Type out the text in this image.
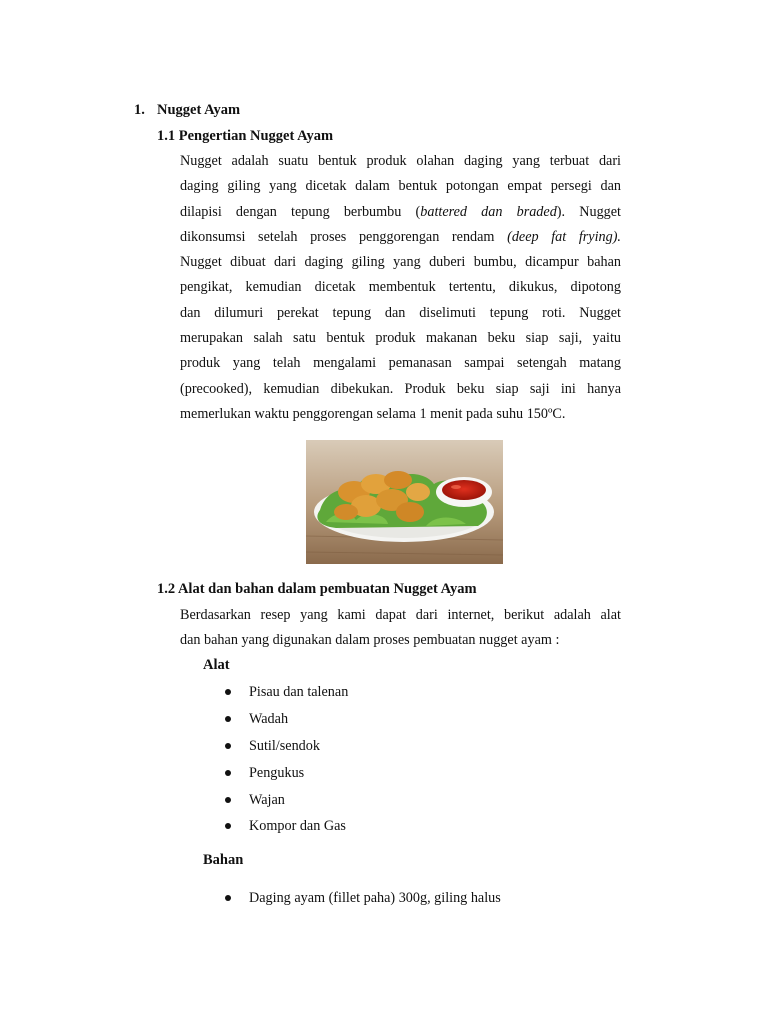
1. Nugget Ayam
1.1 Pengertian Nugget Ayam
Nugget adalah suatu bentuk produk olahan daging yang terbuat dari
daging giling yang dicetak dalam bentuk potongan empat persegi dan
dilapisi dengan tepung berbumbu (battered dan braded). Nugget
dikonsumsi setelah proses penggorengan rendam (deep fat frying).
Nugget dibuat dari daging giling yang duberi bumbu, dicampur bahan
pengikat, kemudian dicetak membentuk tertentu, dikukus, dipotong
dan dilumuri perekat tepung dan diselimuti tepung roti. Nugget
merupakan salah satu bentuk produk makanan beku siap saji, yaitu
produk yang telah mengalami pemanasan sampai setengah matang
(precooked), kemudian dibekukan. Produk beku siap saji ini hanya
memerlukan waktu penggorengan selama 1 menit pada suhu 150ºC.
1.2 Alat dan bahan dalam pembuatan Nugget Ayam
Berdasarkan resep yang kami dapat dari internet, berikut adalah alat
dan bahan yang digunakan dalam proses pembuatan nugget ayam :
Alat
Pisau dan talenan
Wadah
Sutil/sendok
Pengukus
Wajan
Kompor dan Gas
Bahan
Daging ayam (fillet paha) 300g, giling halus
